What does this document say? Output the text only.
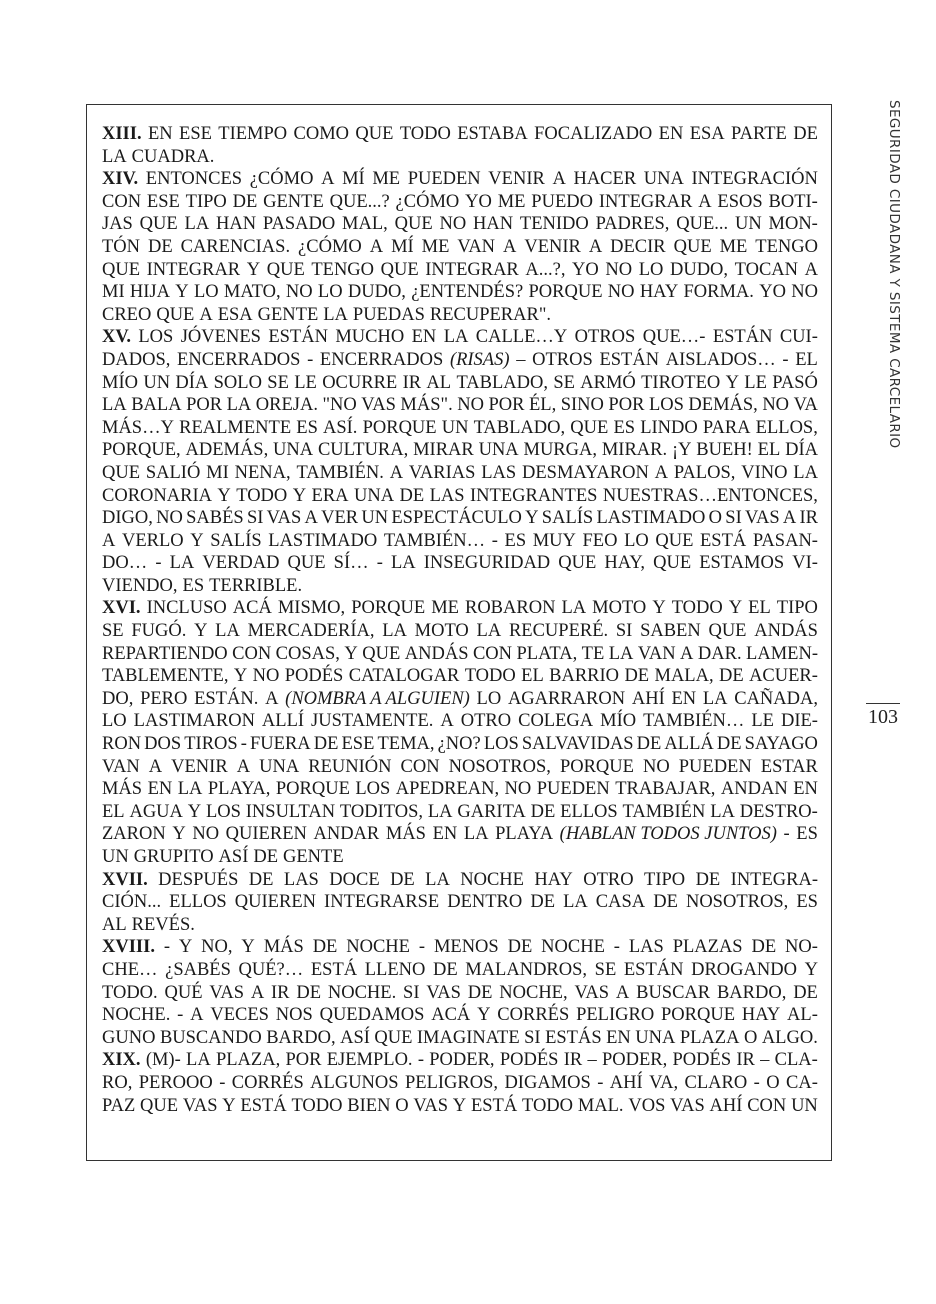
XIII. EN ESE TIEMPO COMO QUE TODO ESTABA FOCALIZADO EN ESA PARTE DE
LA CUADRA.
XIV. ENTONCES ¿CÓMO A MÍ ME PUEDEN VENIR A HACER UNA INTEGRACIÓN
CON ESE TIPO DE GENTE QUE...? ¿CÓMO YO ME PUEDO INTEGRAR A ESOS BOTI-
JAS QUE LA HAN PASADO MAL, QUE NO HAN TENIDO PADRES, QUE... UN MON-
TÓN DE CARENCIAS. ¿CÓMO A MÍ ME VAN A VENIR A DECIR QUE ME TENGO
QUE INTEGRAR Y QUE TENGO QUE INTEGRAR A...?, YO NO LO DUDO, TOCAN A
MI HIJA Y LO MATO, NO LO DUDO, ¿ENTENDÉS? PORQUE NO HAY FORMA. YO NO
CREO QUE A ESA GENTE LA PUEDAS RECUPERAR".
XV. LOS JÓVENES ESTÁN MUCHO EN LA CALLE…Y OTROS QUE…- ESTÁN CUI-
DADOS, ENCERRADOS - ENCERRADOS (RISAS) – OTROS ESTÁN AISLADOS… - EL
MÍO UN DÍA SOLO SE LE OCURRE IR AL TABLADO, SE ARMÓ TIROTEO Y LE PASÓ
LA BALA POR LA OREJA. "NO VAS MÁS". NO POR ÉL, SINO POR LOS DEMÁS, NO VA
MÁS…Y REALMENTE ES ASÍ. PORQUE UN TABLADO, QUE ES LINDO PARA ELLOS,
PORQUE, ADEMÁS, UNA CULTURA, MIRAR UNA MURGA, MIRAR. ¡Y BUEH! EL DÍA
QUE SALIÓ MI NENA, TAMBIÉN. A VARIAS LAS DESMAYARON A PALOS, VINO LA
CORONARIA Y TODO Y ERA UNA DE LAS INTEGRANTES NUESTRAS…ENTONCES,
DIGO, NO SABÉS SI VAS A VER UN ESPECTÁCULO Y SALÍS LASTIMADO O SI VAS A IR
A VERLO Y SALÍS LASTIMADO TAMBIÉN… - ES MUY FEO LO QUE ESTÁ PASAN-
DO… - LA VERDAD QUE SÍ… - LA INSEGURIDAD QUE HAY, QUE ESTAMOS VI-
VIENDO, ES TERRIBLE.
XVI. INCLUSO ACÁ MISMO, PORQUE ME ROBARON LA MOTO Y TODO Y EL TIPO
SE FUGÓ. Y LA MERCADERÍA, LA MOTO LA RECUPERÉ. SI SABEN QUE ANDÁS
REPARTIENDO CON COSAS, Y QUE ANDÁS CON PLATA, TE LA VAN A DAR. LAMEN-
TABLEMENTE, Y NO PODÉS CATALOGAR TODO EL BARRIO DE MALA, DE ACUER-
DO, PERO ESTÁN. A (NOMBRA A ALGUIEN) LO AGARRARON AHÍ EN LA CAÑADA,
LO LASTIMARON ALLÍ JUSTAMENTE. A OTRO COLEGA MÍO TAMBIÉN… LE DIE-
RON DOS TIROS - FUERA DE ESE TEMA, ¿NO? LOS SALVAVIDAS DE ALLÁ DE SAYAGO
VAN A VENIR A UNA REUNIÓN CON NOSOTROS, PORQUE NO PUEDEN ESTAR
MÁS EN LA PLAYA, PORQUE LOS APEDREAN, NO PUEDEN TRABAJAR, ANDAN EN
EL AGUA Y LOS INSULTAN TODITOS, LA GARITA DE ELLOS TAMBIÉN LA DESTRO-
ZARON Y NO QUIEREN ANDAR MÁS EN LA PLAYA (HABLAN TODOS JUNTOS) - ES
UN GRUPITO ASÍ DE GENTE
XVII. DESPUÉS DE LAS DOCE DE LA NOCHE HAY OTRO TIPO DE INTEGRA-
CIÓN... ELLOS QUIEREN INTEGRARSE DENTRO DE LA CASA DE NOSOTROS, ES
AL REVÉS.
XVIII. - Y NO, Y MÁS DE NOCHE - MENOS DE NOCHE - LAS PLAZAS DE NO-
CHE… ¿SABÉS QUÉ?… ESTÁ LLENO DE MALANDROS, SE ESTÁN DROGANDO Y
TODO. QUÉ VAS A IR DE NOCHE. SI VAS DE NOCHE, VAS A BUSCAR BARDO, DE
NOCHE. - A VECES NOS QUEDAMOS ACÁ Y CORRÉS PELIGRO PORQUE HAY AL-
GUNO BUSCANDO BARDO, ASÍ QUE IMAGINATE SI ESTÁS EN UNA PLAZA O ALGO.
XIX. (M)- LA PLAZA, POR EJEMPLO. - PODER, PODÉS IR – PODER, PODÉS IR – CLA-
RO, PEROOO - CORRÉS ALGUNOS PELIGROS, DIGAMOS - AHÍ VA, CLARO - O CA-
PAZ QUE VAS Y ESTÁ TODO BIEN O VAS Y ESTÁ TODO MAL. VOS VAS AHÍ CON UN
SEGURIDAD CIUDADANA Y SISTEMA CARCELARIO
103
